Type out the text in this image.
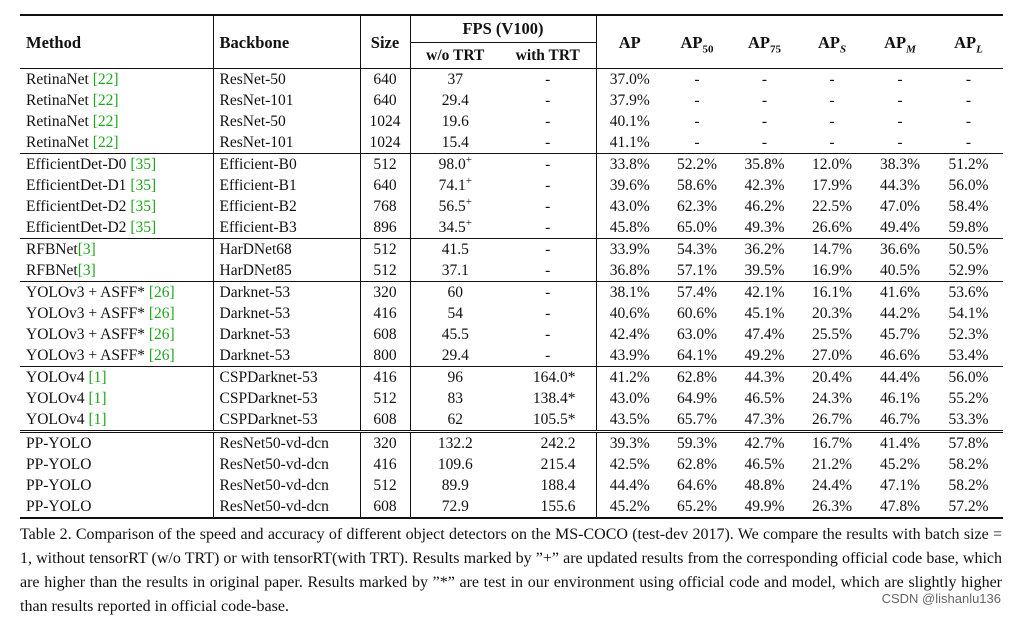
Method	Backbone	Size	FPS (V100)		AP	$AP_{50}$	$AP_{75}$	$AP_S$	$AP_M$	$AP_L$
			w/o TRT	with TRT						
RetinaNet [22]	ResNet-50	640	37	-	37.0%	-	-	-	-	-
RetinaNet [22]	ResNet-101	640	29.4	-	37.9%	-	-	-	-	-
RetinaNet [22]	ResNet-50	1024	19.6	-	40.1%	-	-	-	-	-
RetinaNet [22]	ResNet-101	1024	15.4	-	41.1%	-	-	-	-	-
EfficientDet-D0 [35]	Efficient-B0	512	98.0+	-	33.8%	52.2%	35.8%	12.0%	38.3%	51.2%
EfficientDet-D1 [35]	Efficient-B1	640	74.1+	-	39.6%	58.6%	42.3%	17.9%	44.3%	56.0%
EfficientDet-D2 [35]	Efficient-B2	768	56.5+	-	43.0%	62.3%	46.2%	22.5%	47.0%	58.4%
EfficientDet-D2 [35]	Efficient-B3	896	34.5+	-	45.8%	65.0%	49.3%	26.6%	49.4%	59.8%
RFBNet[3]	HarDNet68	512	41.5	-	33.9%	54.3%	36.2%	14.7%	36.6%	50.5%
RFBNet[3]	HarDNet85	512	37.1	-	36.8%	57.1%	39.5%	16.9%	40.5%	52.9%
YOLOv3 + ASFF* [26]	Darknet-53	320	60	-	38.1%	57.4%	42.1%	16.1%	41.6%	53.6%
YOLOv3 + ASFF* [26]	Darknet-53	416	54	-	40.6%	60.6%	45.1%	20.3%	44.2%	54.1%
YOLOv3 + ASFF* [26]	Darknet-53	608	45.5	-	42.4%	63.0%	47.4%	25.5%	45.7%	52.3%
YOLOv3 + ASFF* [26]	Darknet-53	800	29.4	-	43.9%	64.1%	49.2%	27.0%	46.6%	53.4%
YOLOv4 [1]	CSPDarknet-53	416	96	164.0*	41.2%	62.8%	44.3%	20.4%	44.4%	56.0%
YOLOv4 [1]	CSPDarknet-53	512	83	138.4*	43.0%	64.9%	46.5%	24.3%	46.1%	55.2%
YOLOv4 [1]	CSPDarknet-53	608	62	105.5*	43.5%	65.7%	47.3%	26.7%	46.7%	53.3%
PP-YOLO	ResNet50-vd-dcn	320	132.2	242.2	39.3%	59.3%	42.7%	16.7%	41.4%	57.8%
PP-YOLO	ResNet50-vd-dcn	416	109.6	215.4	42.5%	62.8%	46.5%	21.2%	45.2%	58.2%
PP-YOLO	ResNet50-vd-dcn	512	89.9	188.4	44.4%	64.6%	48.8%	24.4%	47.1%	58.2%
PP-YOLO	ResNet50-vd-dcn	608	72.9	155.6	45.2%	65.2%	49.9%	26.3%	47.8%	57.2%
Table 2. Comparison of the speed and accuracy of different object detectors on the MS-COCO (test-dev 2017). We compare the results with batch size = 1, without tensorRT (w/o TRT) or with tensorRT(with TRT). Results marked by ”+” are updated results from the corresponding official code base, which are higher than the results in original paper. Results marked by ”*” are test in our environment using official code and model, which are slightly higher than results reported in official code-base.	CSDN @lishanlu136
